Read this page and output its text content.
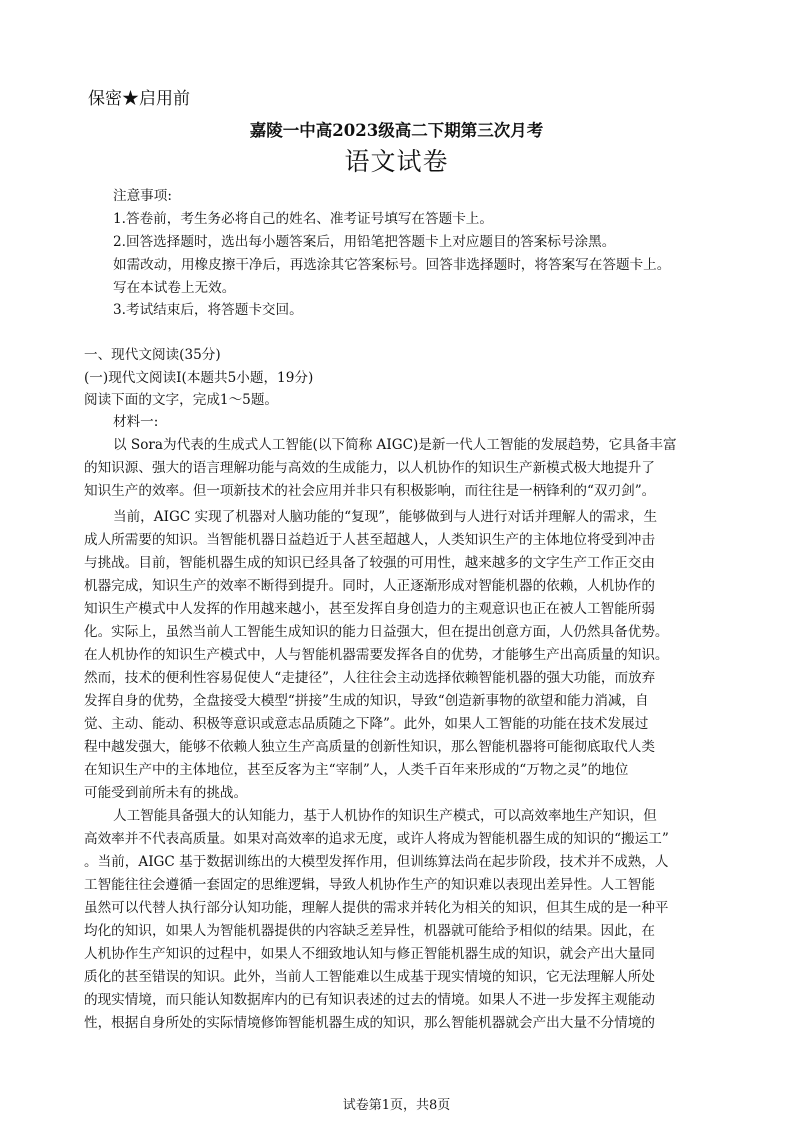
保密★启用前
嘉陵一中高2023级高二下期第三次月考
语文试卷
注意事项:
1.答卷前，考生务必将自己的姓名、准考证号填写在答题卡上。
2.回答选择题时，选出每小题答案后，用铅笔把答题卡上对应题目的答案标号涂黑。
如需改动，用橡皮擦干净后，再选涂其它答案标号。回答非选择题时，将答案写在答题卡上。
写在本试卷上无效。
3.考试结束后，将答题卡交回。
一、现代文阅读(35分)
(一)现代文阅读I(本题共5小题，19分)
阅读下面的文字，完成1～5题。
材料一:
以 Sora为代表的生成式人工智能(以下简称 AIGC)是新一代人工智能的发展趋势，它具备丰富
的知识源、强大的语言理解功能与高效的生成能力，以人机协作的知识生产新模式极大地提升了
知识生产的效率。但一项新技术的社会应用并非只有积极影响，而往往是一柄锋利的“双刃剑”。
当前，AIGC 实现了机器对人脑功能的“复现”，能够做到与人进行对话并理解人的需求，生
成人所需要的知识。当智能机器日益趋近于人甚至超越人，人类知识生产的主体地位将受到冲击
与挑战。目前，智能机器生成的知识已经具备了较强的可用性，越来越多的文字生产工作正交由
机器完成，知识生产的效率不断得到提升。同时，人正逐渐形成对智能机器的依赖，人机协作的
知识生产模式中人发挥的作用越来越小，甚至发挥自身创造力的主观意识也正在被人工智能所弱
化。实际上，虽然当前人工智能生成知识的能力日益强大，但在提出创意方面，人仍然具备优势。
在人机协作的知识生产模式中，人与智能机器需要发挥各自的优势，才能够生产出高质量的知识。
然而，技术的便利性容易促使人“走捷径”，人往往会主动选择依赖智能机器的强大功能，而放弃
发挥自身的优势，全盘接受大模型“拼接”生成的知识，导致“创造新事物的欲望和能力消减，自
觉、主动、能动、积极等意识或意志品质随之下降”。此外，如果人工智能的功能在技术发展过
程中越发强大，能够不依赖人独立生产高质量的创新性知识，那么智能机器将可能彻底取代人类
在知识生产中的主体地位，甚至反客为主“宰制”人，人类千百年来形成的“万物之灵”的地位
可能受到前所未有的挑战。
人工智能具备强大的认知能力，基于人机协作的知识生产模式，可以高效率地生产知识，但
高效率并不代表高质量。如果对高效率的追求无度，或许人将成为智能机器生成的知识的“搬运工”
。当前，AIGC 基于数据训练出的大模型发挥作用，但训练算法尚在起步阶段，技术并不成熟，人
工智能往往会遵循一套固定的思维逻辑，导致人机协作生产的知识难以表现出差异性。人工智能
虽然可以代替人执行部分认知功能，理解人提供的需求并转化为相关的知识，但其生成的是一种平
均化的知识，如果人为智能机器提供的内容缺乏差异性，机器就可能给予相似的结果。因此，在
人机协作生产知识的过程中，如果人不细致地认知与修正智能机器生成的知识，就会产出大量同
质化的甚至错误的知识。此外，当前人工智能难以生成基于现实情境的知识，它无法理解人所处
的现实情境，而只能认知数据库内的已有知识表述的过去的情境。如果人不进一步发挥主观能动
性，根据自身所处的实际情境修饰智能机器生成的知识，那么智能机器就会产出大量不分情境的
试卷第1页，共8页
